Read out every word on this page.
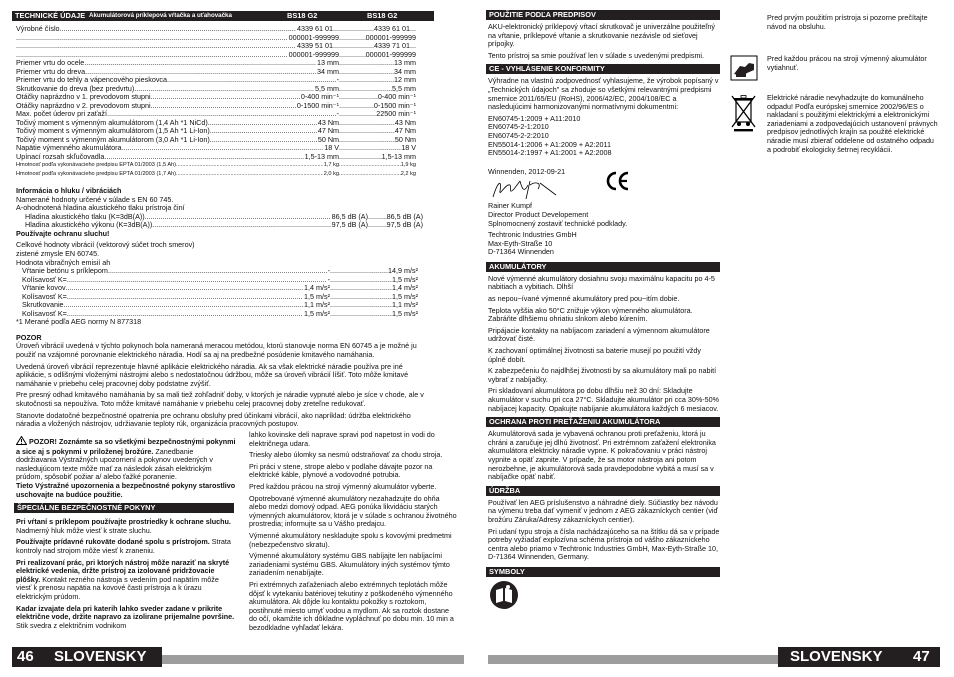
TECHNICKÉ ÚDAJE Akumulátorová príklepová vŕtačka a uťahovačka	BS18 G2	BS18 G2
Výrobné číslo .....	4339 61 01... .....	4339 61 01...
.....
000001-999999 .....	000001-999999
.....
4339 51 01... .....	4339 71 01...
.....
000001-999999 .....	000001-999999
Priemer vrtu do ocele .....	13 mm .....	13 mm
Priemer vrtu do dreva .....	34 mm .....	34 mm
Priemer vrtu do tehly a vápencového pieskovca .....	- .....	12 mm
Skrutkovanie do dreva (bez predvrtu) .....	5,5 mm .....	5,5 mm
Otáčky naprázdno v 1. prevodovom stupni .....	0-400 min⁻¹ .....	0-400 min⁻¹
Otáčky naprázdno v 2. prevodovom stupni .....	0-1500 min⁻¹ .....	0-1500 min⁻¹
Max. počet úderov pri zaťaží .....	- .....	22500 min⁻¹
Točivý moment s výmenným akumulátorom (1,4 Ah *1 NiCd) .....	43 Nm .....	43 Nm
Točivý moment s výmenným akumulátorom (1,5 Ah *1 Li-Ion) .....	47 Nm .....	47 Nm
Točivý moment s výmenným akumulátorom (3,0 Ah *1 Li-Ion) .....	50 Nm .....	50 Nm
Napätie výmenného akumulátora .....	18 V .....	18 V
Upínací rozsah skľučovadla .....	1,5-13 mm .....	1,5-13 mm
Hmotnosť podľa vykonávacieho predpisu EPTA 01/2003 (1,5 Ah) .....	1,7 kg .....	1,9 kg
Hmotnosť podľa vykonávacieho predpisu EPTA 01/2003 (1,7 Ah) .....	2,0 kg .....	2,2 kg
Informácia o hluku / vibráciách
Namerané hodnoty určené v súlade s EN 60 745.
A-ohodnotená hladina akustického tlaku prístroja činí
Hladina akustického tlaku (K=3dB(A)) .....	86,5 dB (A) .....	86,5 dB (A)
Hladina akustického výkonu (K=3dB(A)) .....	97,5 dB (A) .....	97,5 dB (A)
Používajte ochranu sluchu!
Celkové hodnoty vibrácií (vektorový súčet troch smerov)
zistené zmysle EN 60745.
Hodnota vibračných emisií ah
Vŕtanie betónu s príklepom .....	- .....	14,9 m/s²
Kolísavosť K= .....	- .....	1,5 m/s²
Vŕtanie kovov .....	1,4 m/s² .....	1,4 m/s²
Kolísavosť K= .....	1,5 m/s² .....	1,5 m/s²
Skrutkovanie .....	1,1 m/s² .....	1,1 m/s²
Kolísavosť K= .....	1,5 m/s² .....	1,5 m/s²
*1 Merané podľa AEG normy N 877318
POZOR

Úroveň vibrácií uvedená v týchto pokynoch bola nameraná meracou metódou, ktorú stanovuje norma EN 60745 a je možné ju použiť na vzájomné porovnanie elektrického náradia. Hodí sa aj na predbežné posúdenie kmitavého namáhania.

Uvedená úroveň vibrácií reprezentuje hlavné aplikácie elektrického náradia. Ak sa však elektrické náradie používa pre iné aplikácie, s odlišnými vloženými nástrojmi alebo s nedostatočnou údržbou, môže sa úroveň vibrácií líšiť. Toto môže kmitavé namáhanie v priebehu celej pracovnej doby podstatne zvýšiť.

Pre presný odhad kmitavého namáhania by sa mali tiež zohľadniť doby, v ktorých je náradie vypnuté alebo je síce v chode, ale v skutočnosti sa nepoužíva. Toto môže kmitavé namáhanie v priebehu celej pracovnej doby zreteľne redukovať.

Stanovte dodatočné bezpečnostné opatrenia pre ochranu obsluhy pred účinkami vibrácií, ako napríklad: údržba elektrického náradia a vložených nástrojov, udržiavanie teploty rúk, organizácia pracovných postupov.

POZOR! Zoznámte sa so všetkými bezpečnostnými pokynmi a sice aj s pokynmi v priloženej brožúre. Zanedbanie dodržiavania Výstražných upozornení a pokynov uvedených v nasledujúcom texte môže mať za následok zásah elektrickým prúdom, spôsobiť požiar a/ alebo ťažké poranenie.
Tieto Výstražné upozornenia a bezpečnostné pokyny starostlivo uschovajte na budúce použitie.

ŠPECIÁLNE BEZPEČNOSTNÉ POKYNY

Pri vŕtaní s príklepom používajte prostriedky k ochrane sluchu. Nadmerný hluk môže viesť k strate sluchu.

Používajte prídavné rukoväte dodané spolu s prístrojom. Strata kontroly nad strojom môže viesť k zraneniu.

Pri realizovaní prác, pri ktorých nástroj môže naraziť na skryté elektrické vedenia, držte prístroj za izolované pridržovacie plôšky. Kontakt rezného nástroja s vedením pod napätím môže viesť k prenosu napätia na kovové časti prístroja a k úrazu elektrickým prúdom.

Kadar izvajate dela pri katerih lahko sveder zadane v prikrite električne vode, držite napravo za izolirane prijemalne površine. Stik svedra z električnim vodnikom

lahko kovinske deli naprave spravi pod napetost in vodi do električnega udara.

Triesky alebo úlomky sa nesmú odstraňovať za chodu stroja.

Pri práci v stene, strope alebo v podlahe dávajte pozor na elektrické káble, plynové a vodovodné potrubia.

Pred každou prácou na stroji výmenný akumulátor vyberte.

Opotrebované výmenné akumulátory nezahadzujte do ohňa alebo medzi domový odpad. AEG ponúka likvidáciu starých výmenných akumulátorov, ktorá je v súlade s ochranou životného prostredia; informujte sa u Vášho predajcu.

Výmenné akumulátory neskladujte spolu s kovovými predmetmi (nebezpečenstvo skratu).

Výmenné akumulátory systému GBS nabíjajte len nabíjacími zariadeniami systému GBS. Akumulátory iných systémov týmto zariadením nenabíjajte.

Pri extrémnych zaťaženiach alebo extrémnych teplotách môže dôjsť k vytekaniu batériovej tekutiny z poškodeného výmenného akumulátora. Ak dôjde ku kontaktu pokožky s roztokom, postihnuté miesto umyť vodou a mydlom. Ak sa roztok dostane do očí, okamžite ich dôkladne vypláchnuť po dobu min. 10 min a bezodkladne vyhľadať lekára.

46 SLOVENSKY
POUŽITIE PODĽA PREDPISOV

AKU-elektronický príklepový vŕtací skrutkovač je univerzálne použiteľný na vŕtanie, príklepové vŕtanie a skrutkovanie nezávisle od sieťovej prípojky.

Tento prístroj sa smie používať len v súlade s uvedenými predpismi.

CE - VYHLÁSENIE KONFORMITY

Výhradne na vlastnú zodpovednosť vyhlasujeme, že výrobok popísaný v „Technických údajoch" sa zhoduje so všetkými relevantnými predpismi smernice 2011/65/EU (RoHS), 2006/42/EC, 2004/108/EC a nasledujúcimi harmonizovanými normatívnymi dokumentmi:

EN60745-1:2009 + A11:2010
EN60745-2-1:2010
EN60745-2-2:2010
EN55014-1:2006 + A1:2009 + A2:2011
EN55014-2:1997 + A1:2001 + A2:2008
Winnenden, 2012-09-21
Rainer Kumpf
Director Product Developement
Splnomocnený zostaviť technické podklady.
Techtronic Industries GmbH
Max-Eyth-Straße 10
D-71364 Winnenden
AKUMULÁTORY

Nové výmenné akumulátory dosiahnu svoju maximálnu kapacitu po 4-5 nabitiach a vybitiach. Dlhší

as nepou~ívané výmenné akumulátory pred pou~itím dobie.

Teplota vyššia ako 50°C znižuje výkon výmenného akumulátora. Zabráňte dlhšiemu ohriatiu slnkom alebo kúrením.

Pripájacie kontakty na nabíjacom zariadení a výmennom akumulátore udržovať čisté.

K zachovaní optimálnej životnosti sa baterie musejí po použití vždy úplně dobít.

K zabezpečeniu čo najdlhšej životnosti by sa akumulátory mali po nabití vybrať z nabíjačky.

Pri skladovaní akumulátora po dobu dlhšiu než 30 dní: Skladujte akumulátor v suchu pri cca 27°C. Skladujte akumulátor pri cca 30%-50% nabíjacej kapacity. Opakujte nabíjanie akumulátora každých 6 mesiacov.

OCHRANA PROTI PREŤAŽENIU AKUMULÁTORA

Akumulátorová sada je vybavená ochranou proti preťaženiu, ktorá ju chráni a zaručuje jej dlhú životnosť. Pri extrémnom zaťažení elektronika akumulátora elektricky náradie vypne. K pokračovaniu v práci nástroj vypnite a opäť zapnite. V prípade, že sa motor nástroja ani potom nerozbehne, je akumulátorová sada pravdepodobne vybitá a musí sa v nabíjačke opäť nabiť.

ÚDRŽBA

Používať len AEG príslušenstvo a náhradné diely. Súčiastky bez návodu na výmenu treba dať vymeniť v jednom z AEG zákazníckych centier (viď brožúru Záruka/Adresy zákazníckych centier).

Pri udaní typu stroja a čísla nachádzajúceho sa na štítku dá sa v prípade potreby vyžiadať explozívna schéma prístroja od vášho zákazníckeho centra alebo priamo v Techtronic Industries GmbH, Max-Eyth-Straße 10, D-71364 Winnenden, Germany.

SYMBOLY
Pred prvým použitím prístroja si pozorne prečítajte návod na obsluhu.
Pred každou prácou na stroji výmenný akumulátor vytiahnuť.
Elektrické náradie nevyhadzujte do komunálneho odpadu! Podľa európskej smernice 2002/96/ES o nakladaní s použitými elektrickými a elektronickými zariadeniami a zodpovedajúcich ustanovení právnych predpisov jednotlivých krajín sa použité elektrické náradie musí zbierať oddelene od ostatného odpadu a podrobiť ekologicky šetrnej recyklácii.
SLOVENSKY 47
